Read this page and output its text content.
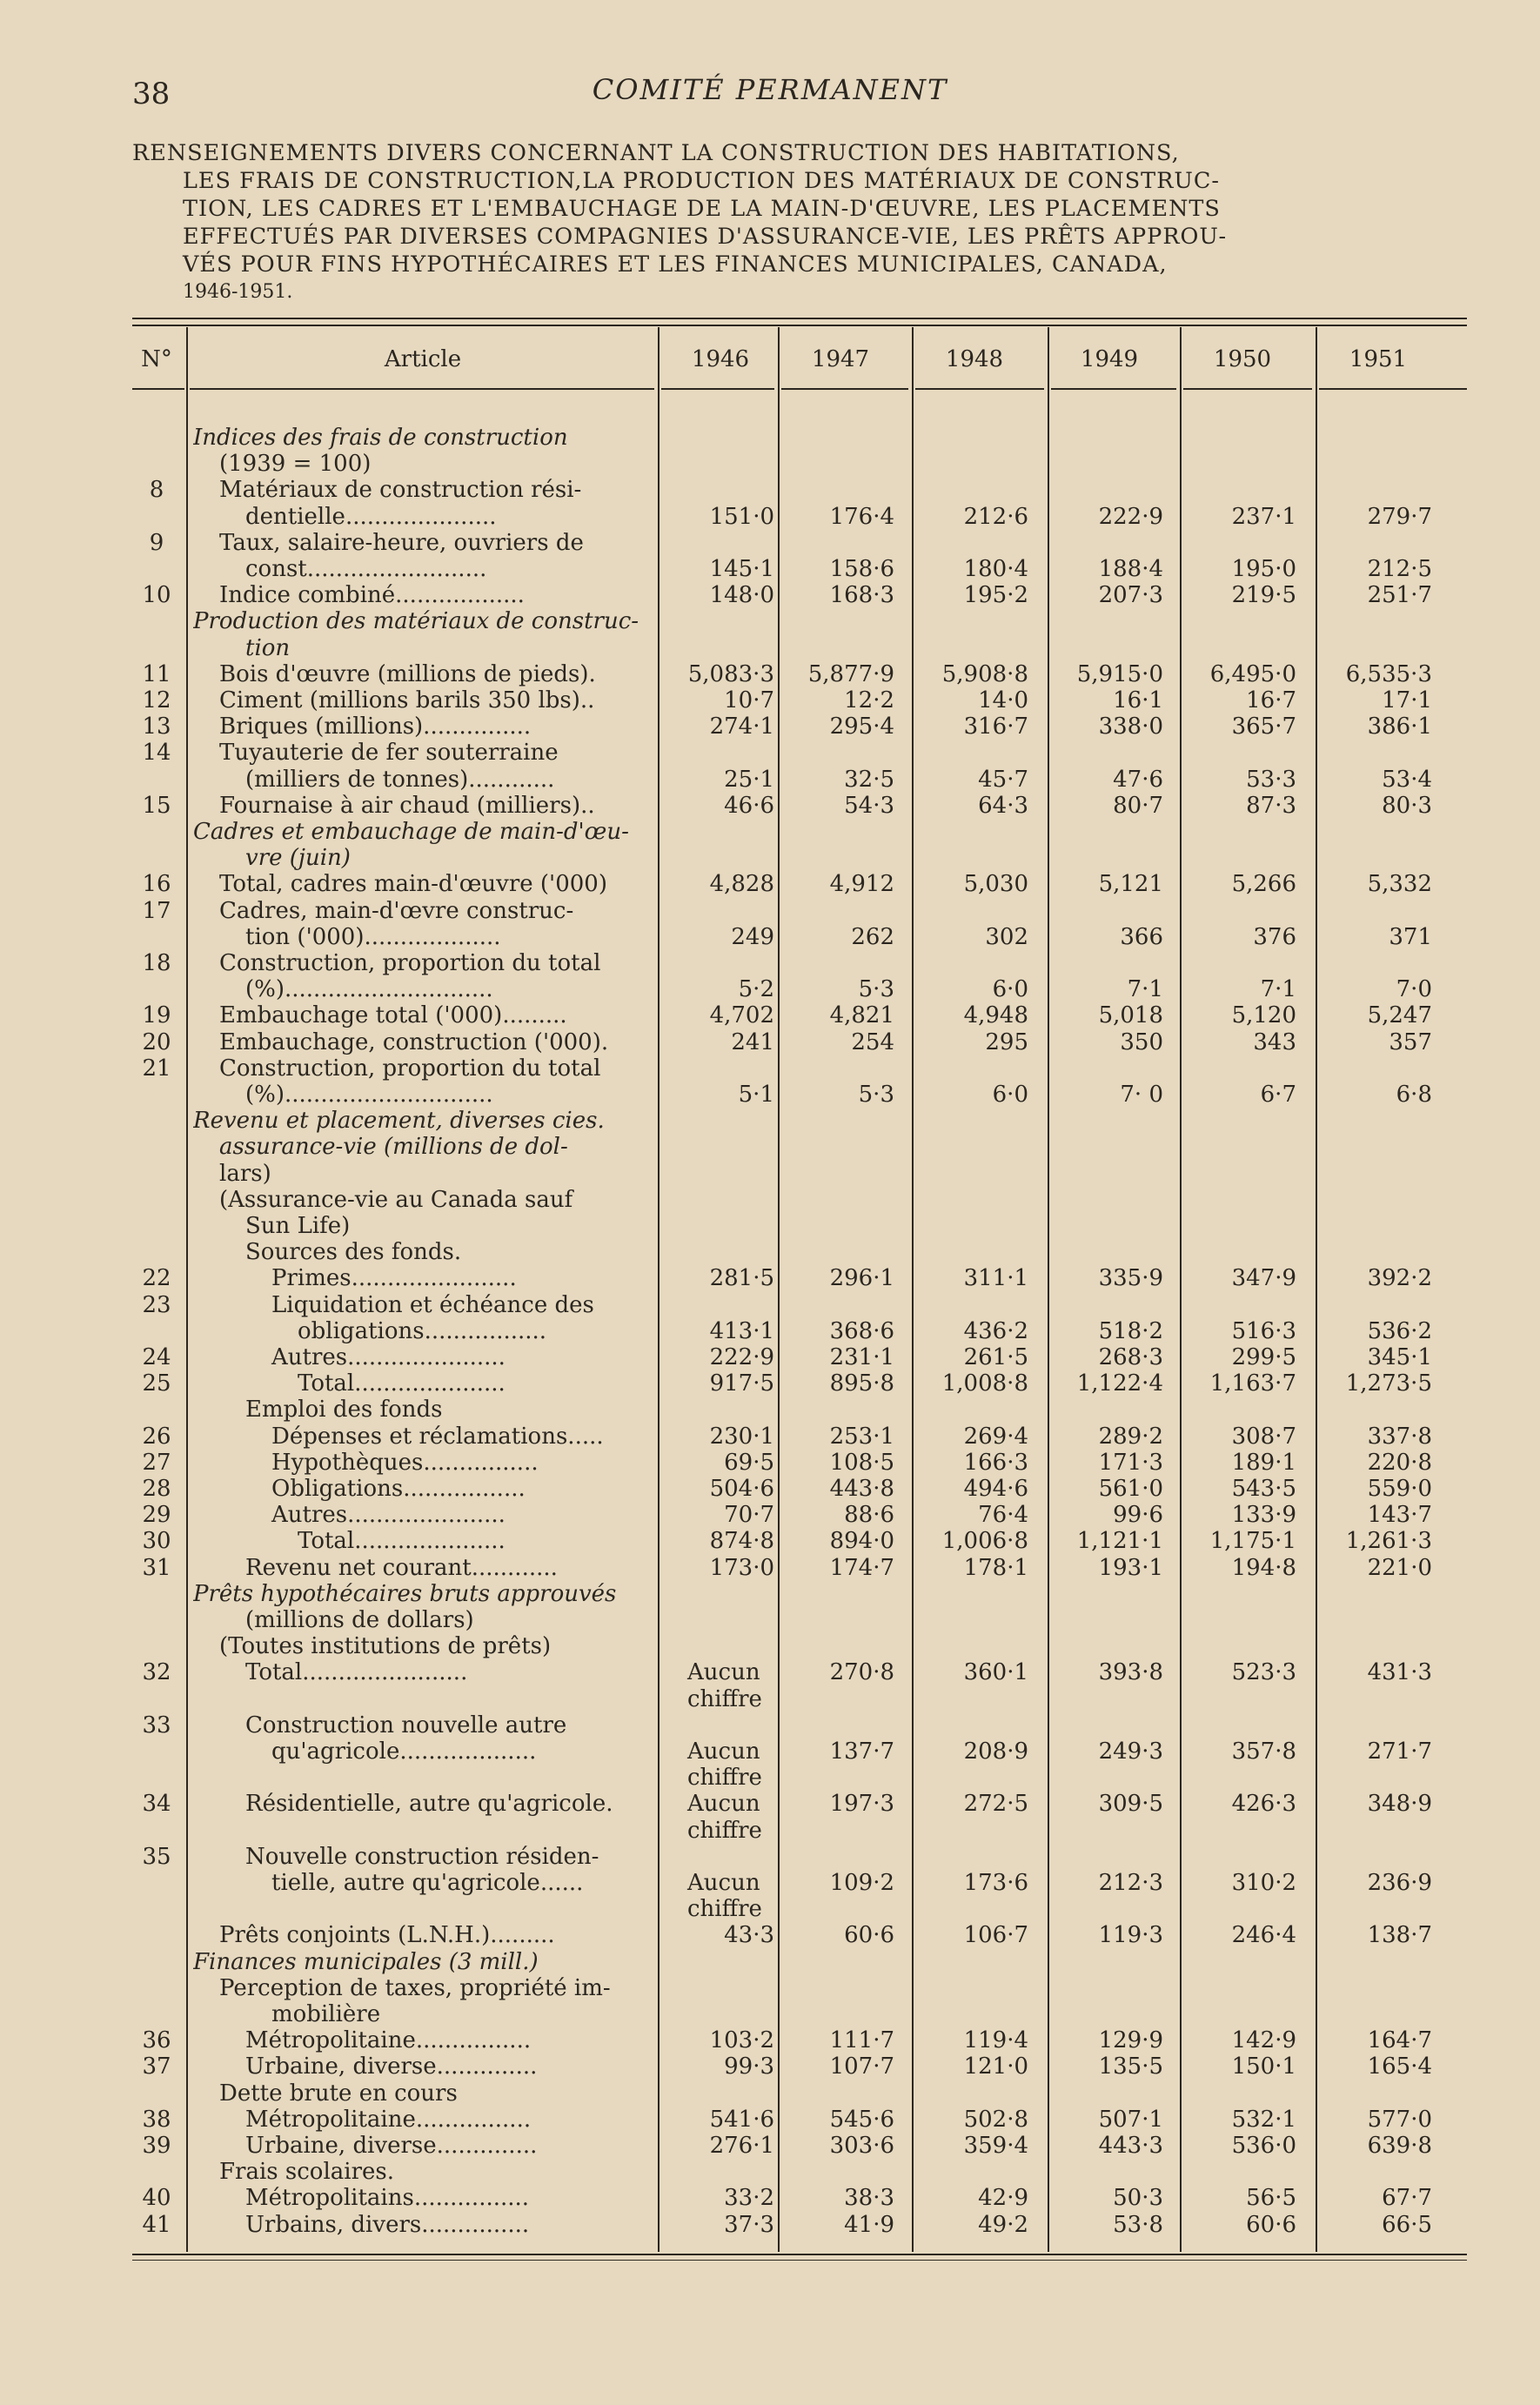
38	COMITÉ PERMANENT
RENSEIGNEMENTS DIVERS CONCERNANT LA CONSTRUCTION DES HABITATIONS,
LES FRAIS DE CONSTRUCTION,LA PRODUCTION DES MATÉRIAUX DE CONSTRUC-
TION, LES CADRES ET L'EMBAUCHAGE DE LA MAIN-D'ŒUVRE, LES PLACEMENTS
EFFECTUÉS PAR DIVERSES COMPAGNIES D'ASSURANCE-VIE, LES PRÊTS APPROU-
VÉS POUR FINS HYPOTHÉCAIRES ET LES FINANCES MUNICIPALES, CANADA,
1946-1951.
N°	Article	1946	1947	1948	1949	1950	1951
Indices des frais de construction
(1939 = 100)
8	Matériaux de construction rési-
dentielle.....................	151·0	176·4	212·6	222·9	237·1	279·7
9	Taux, salaire-heure, ouvriers de
const.........................	145·1	158·6	180·4	188·4	195·0	212·5
10	Indice combiné..................	148·0	168·3	195·2	207·3	219·5	251·7
Production des matériaux de construc-
tion
11	Bois d'œuvre (millions de pieds).	5,083·3	5,877·9	5,908·8	5,915·0	6,495·0	6,535·3
12	Ciment (millions barils 350 lbs)..	10·7	12·2	14·0	16·1	16·7	17·1
13	Briques (millions)...............	274·1	295·4	316·7	338·0	365·7	386·1
14	Tuyauterie de fer souterraine
(milliers de tonnes)............	25·1	32·5	45·7	47·6	53·3	53·4
15	Fournaise à air chaud (milliers)..	46·6	54·3	64·3	80·7	87·3	80·3
Cadres et embauchage de main-d'œu-
vre (juin)
16	Total, cadres main-d'œuvre ('000)	4,828	4,912	5,030	5,121	5,266	5,332
17	Cadres, main-d'œvre construc-
tion ('000)...................	249	262	302	366	376	371
18	Construction, proportion du total
(%).............................	5·2	5·3	6·0	7·1	7·1	7·0
19	Embauchage total ('000).........	4,702	4,821	4,948	5,018	5,120	5,247
20	Embauchage, construction ('000).	241	254	295	350	343	357
21	Construction, proportion du total
(%).............................	5·1	5·3	6·0	7· 0	6·7	6·8
Revenu et placement, diverses cies.
assurance-vie (millions de dol-
lars)
(Assurance-vie au Canada sauf
Sun Life)
Sources des fonds.
22	Primes.......................	281·5	296·1	311·1	335·9	347·9	392·2
23	Liquidation et échéance des
obligations.................	413·1	368·6	436·2	518·2	516·3	536·2
24	Autres......................	222·9	231·1	261·5	268·3	299·5	345·1
25	Total.....................	917·5	895·8	1,008·8	1,122·4	1,163·7	1,273·5
Emploi des fonds
26	Dépenses et réclamations.....	230·1	253·1	269·4	289·2	308·7	337·8
27	Hypothèques................	69·5	108·5	166·3	171·3	189·1	220·8
28	Obligations.................	504·6	443·8	494·6	561·0	543·5	559·0
29	Autres......................	70·7	88·6	76·4	99·6	133·9	143·7
30	Total.....................	874·8	894·0	1,006·8	1,121·1	1,175·1	1,261·3
31	Revenu net courant............	173·0	174·7	178·1	193·1	194·8	221·0
Prêts hypothécaires bruts approuvés
(millions de dollars)
(Toutes institutions de prêts)
32	Total.......................	Aucun	270·8	360·1	393·8	523·3	431·3
chiffre
33	Construction nouvelle autre
qu'agricole...................	Aucun	137·7	208·9	249·3	357·8	271·7
chiffre
34	Résidentielle, autre qu'agricole.	Aucun	197·3	272·5	309·5	426·3	348·9
chiffre
35	Nouvelle construction résiden-
tielle, autre qu'agricole......	Aucun	109·2	173·6	212·3	310·2	236·9
chiffre
Prêts conjoints (L.N.H.).........	43·3	60·6	106·7	119·3	246·4	138·7
Finances municipales (3 mill.)
Perception de taxes, propriété im-
mobilière
36	Métropolitaine................	103·2	111·7	119·4	129·9	142·9	164·7
37	Urbaine, diverse..............	99·3	107·7	121·0	135·5	150·1	165·4
Dette brute en cours
38	Métropolitaine................	541·6	545·6	502·8	507·1	532·1	577·0
39	Urbaine, diverse..............	276·1	303·6	359·4	443·3	536·0	639·8
Frais scolaires.
40	Métropolitains................	33·2	38·3	42·9	50·3	56·5	67·7
41	Urbains, divers...............	37·3	41·9	49·2	53·8	60·6	66·5
